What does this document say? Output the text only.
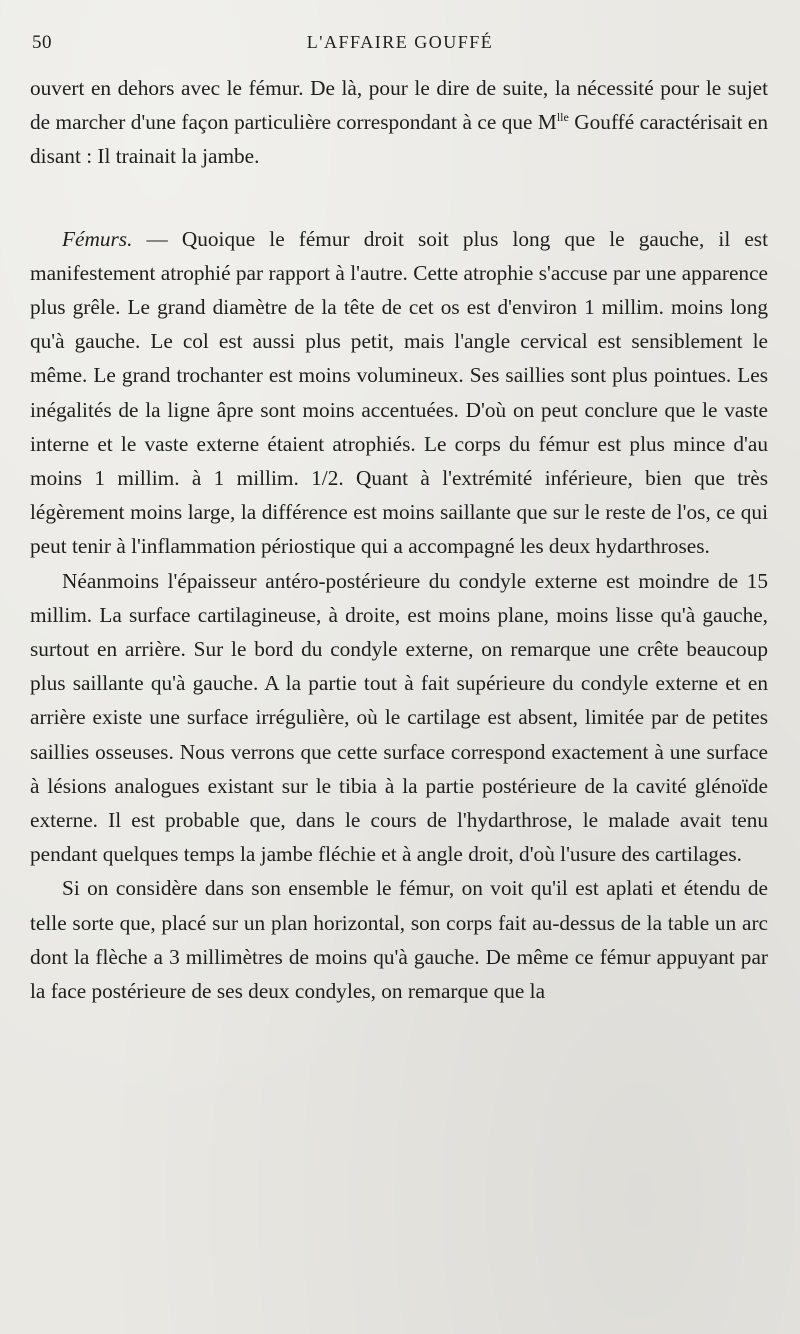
50	L'AFFAIRE GOUFFÉ

ouvert en dehors avec le fémur. De là, pour le dire de suite, la nécessité pour le sujet de marcher d'une façon particulière correspondant à ce que $M^{lle}$ Gouffé caractérisait en disant : Il trainait la jambe.

Fémurs. — Quoique le fémur droit soit plus long que le gauche, il est manifestement atrophié par rapport à l'autre. Cette atrophie s'accuse par une apparence plus grêle. Le grand diamètre de la tête de cet os est d'environ 1 millim. moins long qu'à gauche. Le col est aussi plus petit, mais l'angle cervical est sensiblement le même. Le grand trochanter est moins volumineux. Ses saillies sont plus pointues. Les inégalités de la ligne âpre sont moins accentuées. D'où on peut conclure que le vaste interne et le vaste externe étaient atrophiés. Le corps du fémur est plus mince d'au moins 1 millim. à 1 millim. 1/2. Quant à l'extrémité inférieure, bien que très légèrement moins large, la différence est moins saillante que sur le reste de l'os, ce qui peut tenir à l'inflammation périostique qui a accompagné les deux hydarthroses.

Néanmoins l'épaisseur antéro-postérieure du condyle externe est moindre de 15 millim. La surface cartilagineuse, à droite, est moins plane, moins lisse qu'à gauche, surtout en arrière. Sur le bord du condyle externe, on remarque une crête beaucoup plus saillante qu'à gauche. A la partie tout à fait supérieure du condyle externe et en arrière existe une surface irrégulière, où le cartilage est absent, limitée par de petites saillies osseuses. Nous verrons que cette surface correspond exactement à une surface à lésions analogues existant sur le tibia à la partie postérieure de la cavité glénoïde externe. Il est probable que, dans le cours de l'hydarthrose, le malade avait tenu pendant quelques temps la jambe fléchie et à angle droit, d'où l'usure des cartilages.

Si on considère dans son ensemble le fémur, on voit qu'il est aplati et étendu de telle sorte que, placé sur un plan horizontal, son corps fait au-dessus de la table un arc dont la flèche a 3 millimètres de moins qu'à gauche. De même ce fémur appuyant par la face postérieure de ses deux condyles, on remarque que la
